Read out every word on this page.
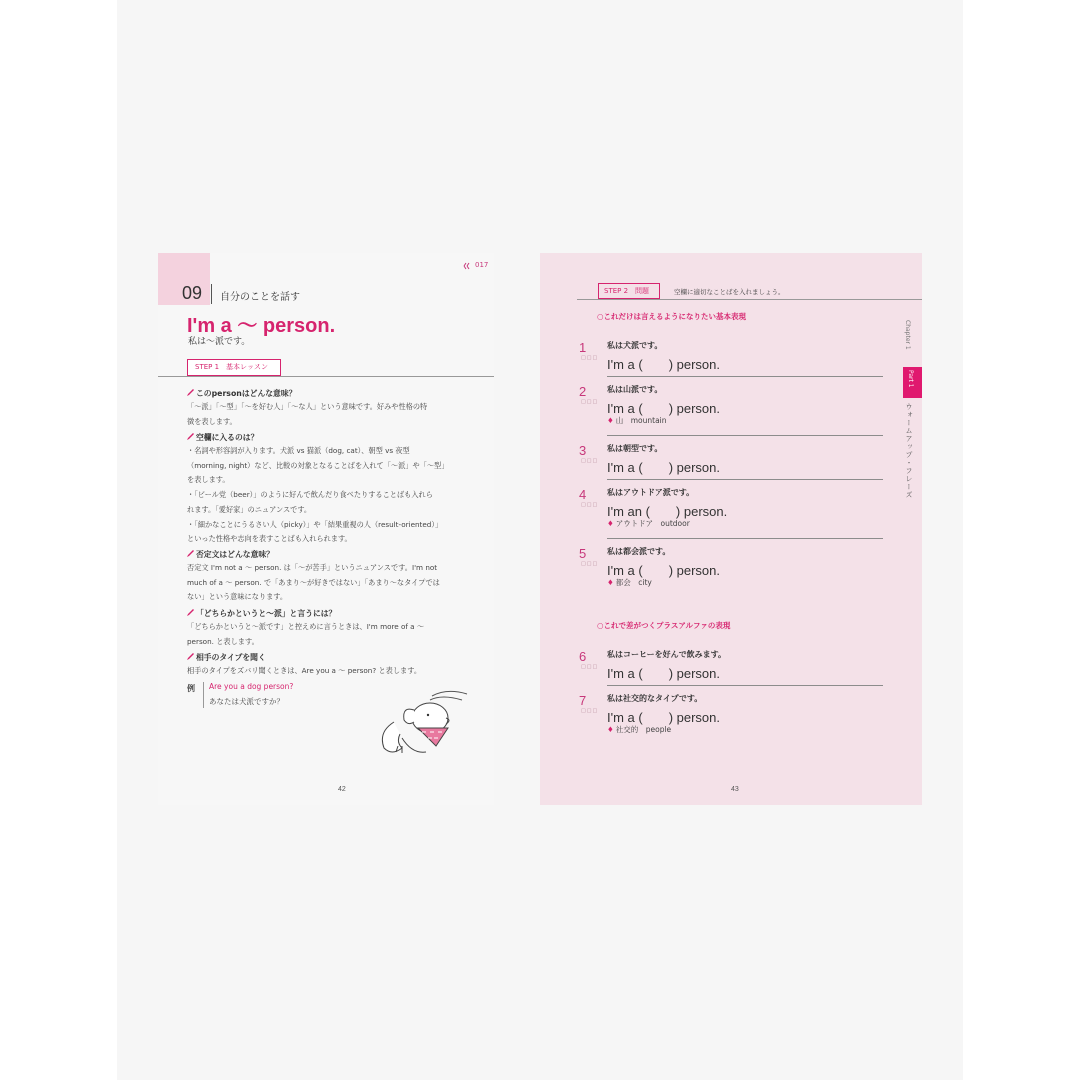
09 自分のことを話す
017
I'm a 〜 person.
私は〜派です。
STEP 1　基本レッスン
このpersonはどんな意味？
「〜派」「〜型」「〜を好む人」「〜な人」という意味です。好みや性格の特
徴を表します。
空欄に入るのは？
・名詞や形容詞が入ります。犬派 vs 猫派（dog, cat）、朝型 vs 夜型
（morning, night）など、比較の対象となることばを入れて「〜派」や「〜型」
を表します。
・「ビール党（beer）」のように好んで飲んだり食べたりすることばも入れら
れます。「愛好家」のニュアンスです。
・「細かなことにうるさい人（picky）」や「結果重視の人（result-oriented）」
といった性格や志向を表すことばも入れられます。
否定文はどんな意味？
否定文 I'm not a 〜 person. は「〜が苦手」というニュアンスです。I'm not
much of a 〜 person. で「あまり〜が好きではない」「あまり〜なタイプでは
ない」という意味になります。
「どちらかというと〜派」と言うには？
「どちらかというと〜派です」と控えめに言うときは、I'm more of a 〜
person. と表します。
相手のタイプを聞く
相手のタイプをズバリ聞くときは、Are you a 〜 person? と表します。
例 Are you a dog person?
あなたは犬派ですか？
42
STEP 2　問題	空欄に適切なことばを入れましょう。
○これだけは言えるようになりたい基本表現
1
□□□
私は犬派です。
I'm a (　　) person.
2
□□□
私は山派です。
I'm a (　　) person.
♦ 山　mountain
3
□□□
私は朝型です。
I'm a (　　) person.
4
□□□
私はアウトドア派です。
I'm an (　　) person.
♦ アウトドア　outdoor
5
□□□
私は都会派です。
I'm a (　　) person.
♦ 都会　city
○これで差がつくプラスアルファの表現
6
□□□
私はコーヒーを好んで飲みます。
I'm a (　　) person.
7
□□□
私は社交的なタイプです。
I'm a (　　) person.
♦ 社交的　people
Chapter 1
Part 1
ウォームアップ・フレーズ
43
